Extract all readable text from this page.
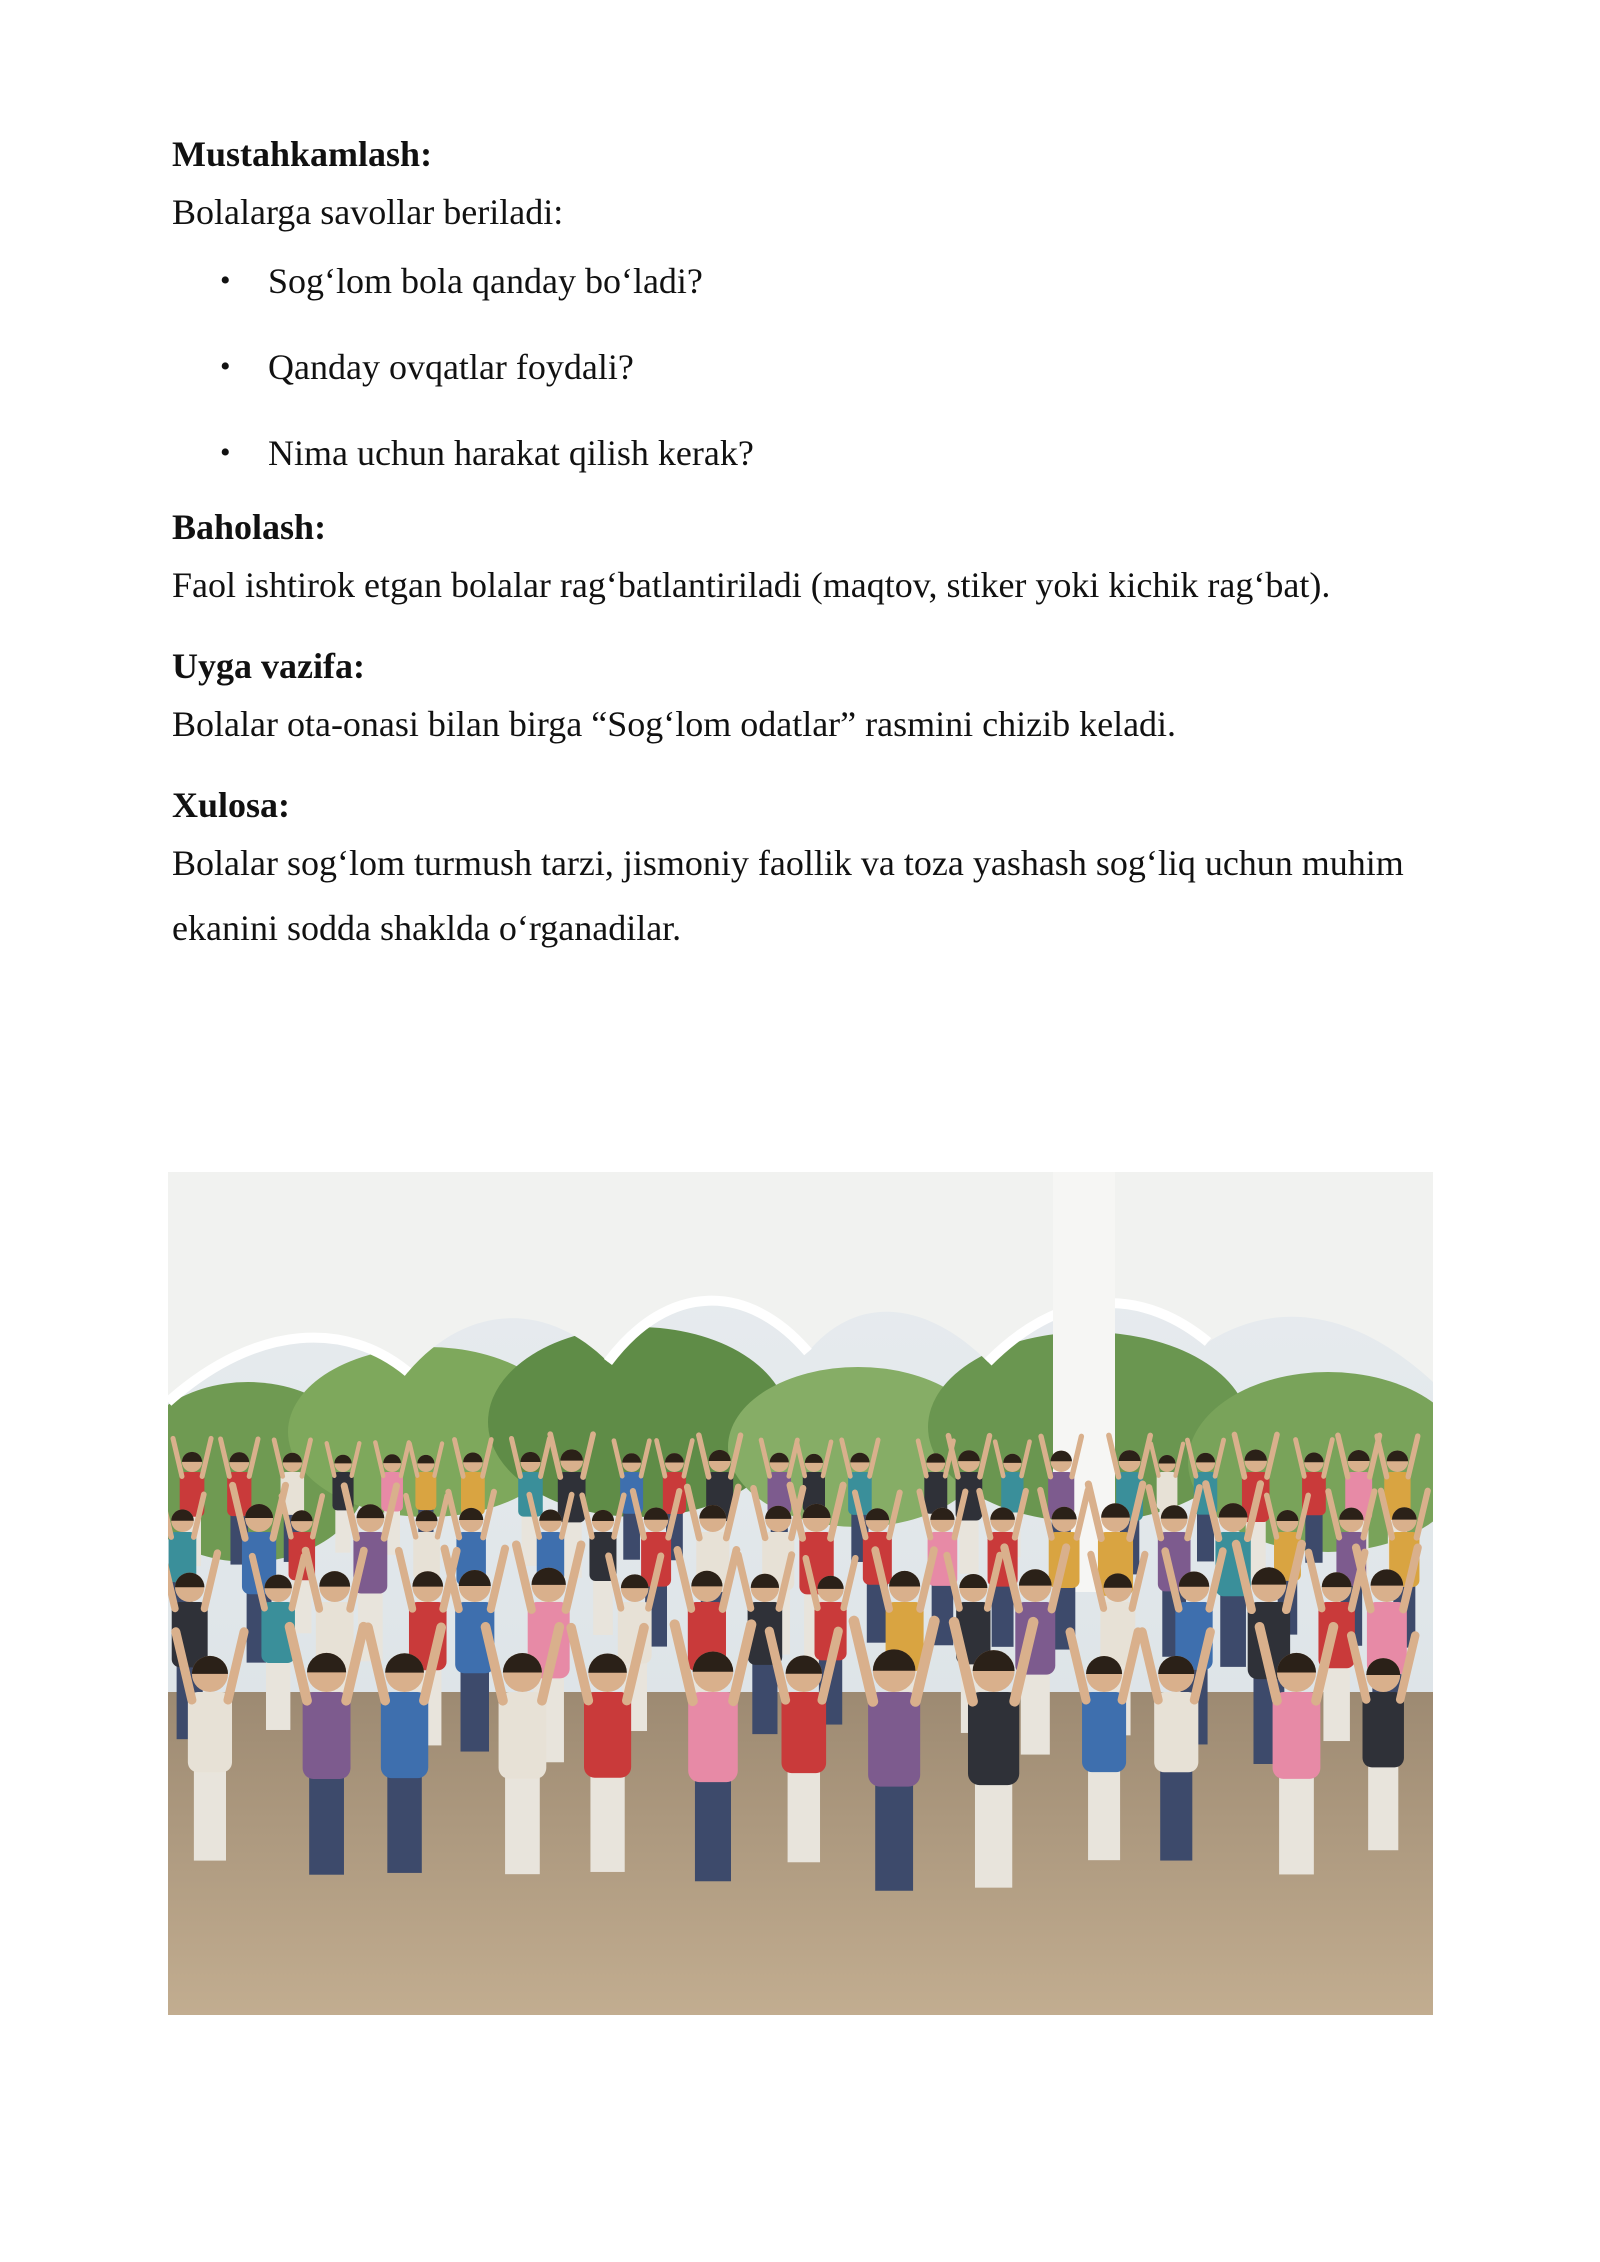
Mustahkamlash:

Bolalarga savollar beriladi:

• Sog‘lom bola qanday bo‘ladi?
• Qanday ovqatlar foydali?
• Nima uchun harakat qilish kerak?

Baholash:

Faol ishtirok etgan bolalar rag‘batlantiriladi (maqtov, stiker yoki kichik rag‘bat).

Uyga vazifa:

Bolalar ota-onasi bilan birga “Sog‘lom odatlar” rasmini chizib keladi.

Xulosa:

Bolalar sog‘lom turmush tarzi, jismoniy faollik va toza yashash sog‘liq uchun muhim ekanini sodda shaklda o‘rganadilar.
